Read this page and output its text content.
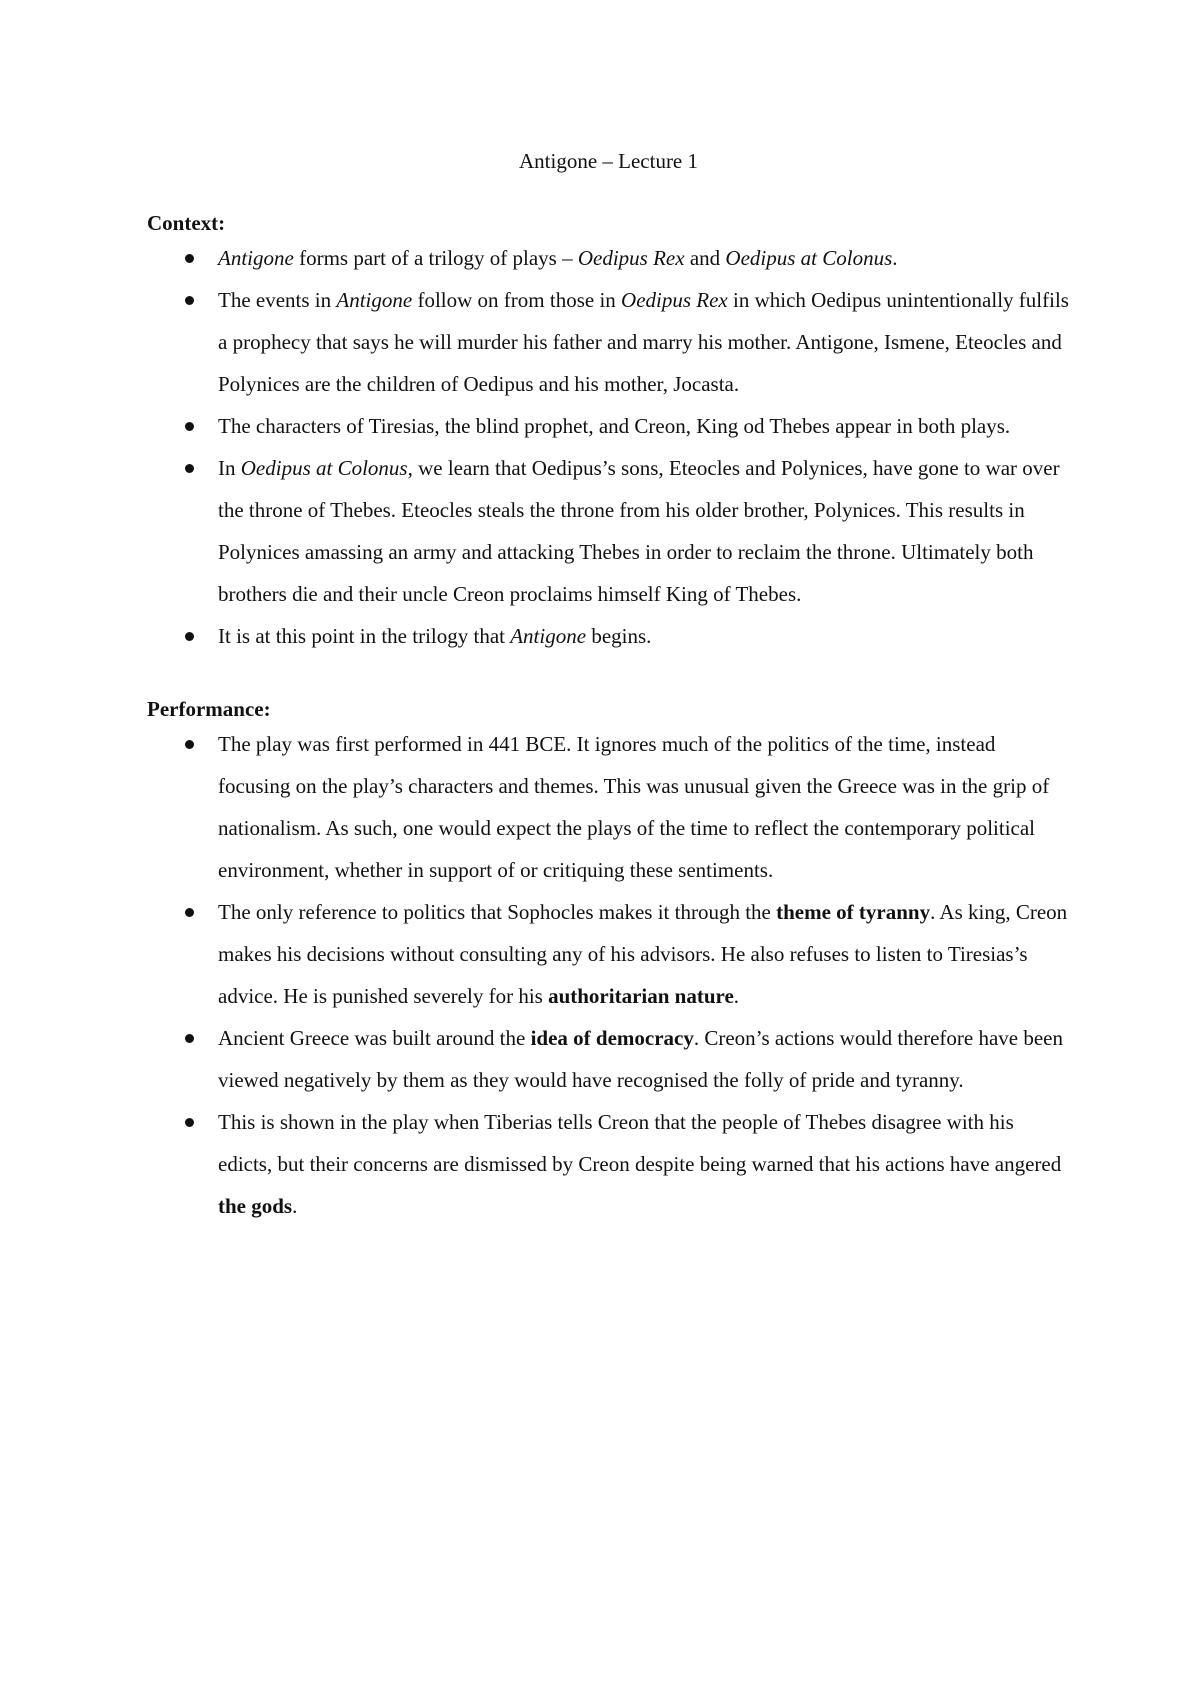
Antigone – Lecture 1
Context:
Antigone forms part of a trilogy of plays – Oedipus Rex and Oedipus at Colonus.
The events in Antigone follow on from those in Oedipus Rex in which Oedipus unintentionally fulfils a prophecy that says he will murder his father and marry his mother. Antigone, Ismene, Eteocles and Polynices are the children of Oedipus and his mother, Jocasta.
The characters of Tiresias, the blind prophet, and Creon, King od Thebes appear in both plays.
In Oedipus at Colonus, we learn that Oedipus’s sons, Eteocles and Polynices, have gone to war over the throne of Thebes. Eteocles steals the throne from his older brother, Polynices. This results in Polynices amassing an army and attacking Thebes in order to reclaim the throne. Ultimately both brothers die and their uncle Creon proclaims himself King of Thebes.
It is at this point in the trilogy that Antigone begins.
Performance:
The play was first performed in 441 BCE. It ignores much of the politics of the time, instead focusing on the play’s characters and themes. This was unusual given the Greece was in the grip of nationalism. As such, one would expect the plays of the time to reflect the contemporary political environment, whether in support of or critiquing these sentiments.
The only reference to politics that Sophocles makes it through the theme of tyranny. As king, Creon makes his decisions without consulting any of his advisors. He also refuses to listen to Tiresias’s advice. He is punished severely for his authoritarian nature.
Ancient Greece was built around the idea of democracy. Creon’s actions would therefore have been viewed negatively by them as they would have recognised the folly of pride and tyranny.
This is shown in the play when Tiberias tells Creon that the people of Thebes disagree with his edicts, but their concerns are dismissed by Creon despite being warned that his actions have angered the gods.
